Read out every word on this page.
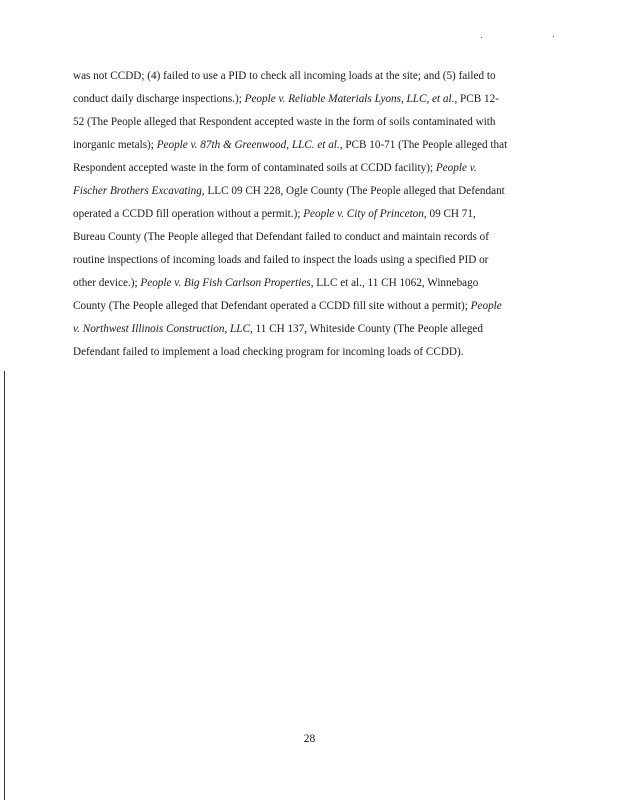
was not CCDD; (4) failed to use a PID to check all incoming loads at the site; and (5) failed to
conduct daily discharge inspections.); People v. Reliable Materials Lyons, LLC, et al., PCB 12-
52 (The People alleged that Respondent accepted waste in the form of soils contaminated with
inorganic metals); People v. 87th & Greenwood, LLC. et al., PCB 10-71 (The People alleged that
Respondent accepted waste in the form of contaminated soils at CCDD facility); People v.
Fischer Brothers Excavating, LLC 09 CH 228, Ogle County (The People alleged that Defendant
operated a CCDD fill operation without a permit.); People v. City of Princeton, 09 CH 71,
Bureau County (The People alleged that Defendant failed to conduct and maintain records of
routine inspections of incoming loads and failed to inspect the loads using a specified PID or
other device.); People v. Big Fish Carlson Properties, LLC et al., 11 CH 1062, Winnebago
County (The People alleged that Defendant operated a CCDD fill site without a permit); People
v. Northwest Illinois Construction, LLC, 11 CH 137, Whiteside County (The People alleged
Defendant failed to implement a load checking program for incoming loads of CCDD).
28
